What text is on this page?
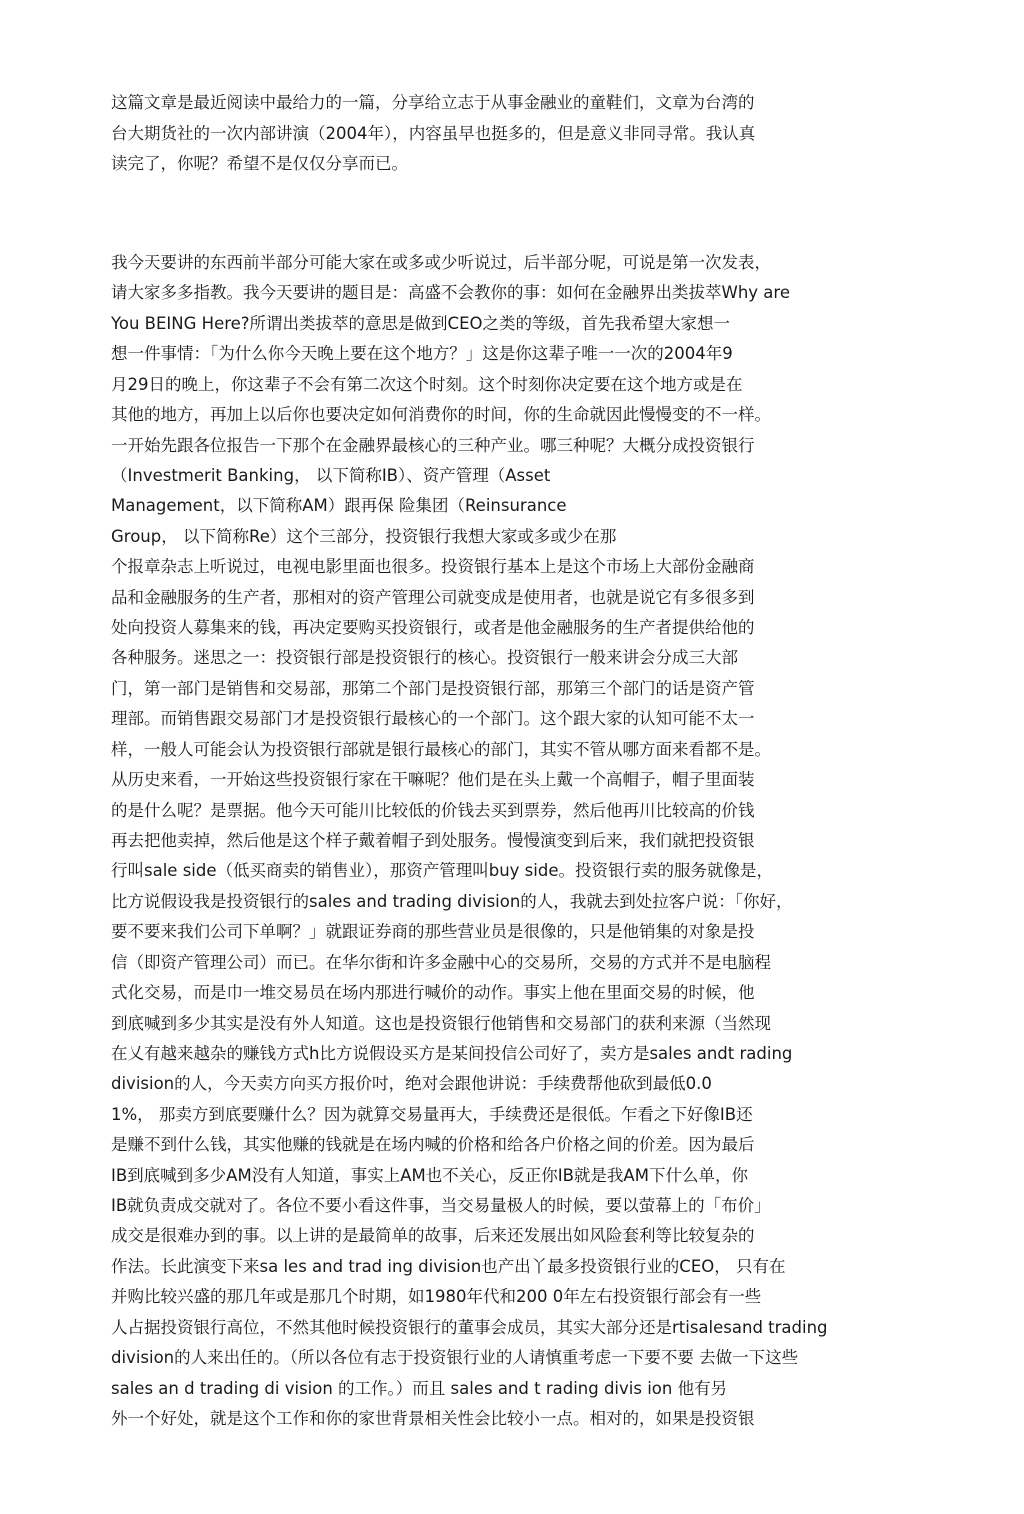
这篇文章是最近阅读中最给力的一篇，分享给立志于从事金融业的童鞋们，文章为台湾的
台大期货社的一次内部讲演（2004年），内容虽早也挺多的，但是意义非同寻常。我认真
读完了，你呢？希望不是仅仅分享而已。
我今天要讲的东西前半部分可能大家在或多或少听说过，后半部分呢，可说是第一次发表，
请大家多多指教。我今天要讲的题目是：高盛不会教你的事：如何在金融界出类拔萃Why are
You BEING Here?所谓出类拔萃的意思是做到CEO之类的等级，首先我希望大家想一
想一件事情：「为什么你今天晚上要在这个地方？」这是你这辈子唯一一次的2004年9
月29日的晚上，你这辈子不会有第二次这个时刻。这个时刻你决定要在这个地方或是在
其他的地方，再加上以后你也要决定如何消费你的时间，你的生命就因此慢慢变的不一样。
一开始先跟各位报告一下那个在金融界最核心的三种产业。哪三种呢？大概分成投资银行
（Investmerit Banking， 以下简称IB）、资产管理（Asset
Management，以下简称AM）跟再保 险集团（Reinsurance
Group， 以下简称Re）这个三部分，投资银行我想大家或多或少在那
个报章杂志上听说过，电视电影里面也很多。投资银行基本上是这个市场上大部份金融商
品和金融服务的生产者，那相对的资产管理公司就变成是使用者，也就是说它有多很多到
处向投资人募集来的钱，再决定要购买投资银行，或者是他金融服务的生产者提供给他的
各种服务。迷思之一：投资银行部是投资银行的核心。投资银行一般来讲会分成三大部
门，第一部门是销售和交易部，那第二个部门是投资银行部，那第三个部门的话是资产管
理部。而销售跟交易部门才是投资银行最核心的一个部门。这个跟大家的认知可能不太一
样，一般人可能会认为投资银行部就是银行最核心的部门，其实不管从哪方面来看都不是。
从历史来看，一开始这些投资银行家在干嘛呢？他们是在头上戴一个高帽子，帽子里面装
的是什么呢？是票据。他今天可能川比较低的价钱去买到票券，然后他再川比较高的价钱
再去把他卖掉，然后他是这个样子戴着帽子到处服务。慢慢演变到后来，我们就把投资银
行叫sale side（低买商卖的销售业），那资产管理叫buy side。投资银行卖的服务就像是，
比方说假设我是投资银行的sales and trading division的人，我就去到处拉客户说：「你好，
要不要来我们公司下单啊？」就跟证券商的那些营业员是很像的，只是他销集的对象是投
信（即资产管理公司）而已。在华尔街和许多金融中心的交易所，交易的方式并不是电脑程
式化交易，而是巾一堆交易员在场内那进行喊价的动作。事实上他在里面交易的时候，他
到底喊到多少其实是没有外人知道。这也是投资银行他销售和交易部门的获利来源（当然现
在乂有越来越杂的赚钱方式h比方说假设买方是某间投信公司好了，卖方是sales andt rading
division的人，今天卖方向买方报价吋，绝对会跟他讲说：手续费帮他砍到最低0.0
1%， 那卖方到底要赚什么？因为就算交易量再大，手续费还是很低。乍看之下好像IB还
是赚不到什么钱，其实他赚的钱就是在场内喊的价格和给各户价格之间的价差。因为最后
IB到底喊到多少AM没有人知道，事实上AM也不关心，反正你IB就是我AM下什么单，你
IB就负责成交就对了。各位不要小看这件事，当交易量极人的时候，要以萤幕上的「布价」
成交是很难办到的事。以上讲的是最简单的故事，后来还发展出如风险套利等比较复杂的
作法。长此演变下来sa les and trad ing division也产出丫最多投资银行业的CEO， 只有在
并购比较兴盛的那几年或是那几个时期，如1980年代和200 0年左右投资银行部会有一些
人占据投资银行高位，不然其他时候投资银行的董事会成员，其实大部分还是rtisalesand trading
division的人来出任的。（所以各位有志于投资银行业的人请慎重考虑一下要不要 去做一下这些
sales an d trading di vision 的工作。）而且 sales and t rading divis ion 他有另
外一个好处，就是这个工作和你的家世背景相关性会比较小一点。相对的，如果是投资银
